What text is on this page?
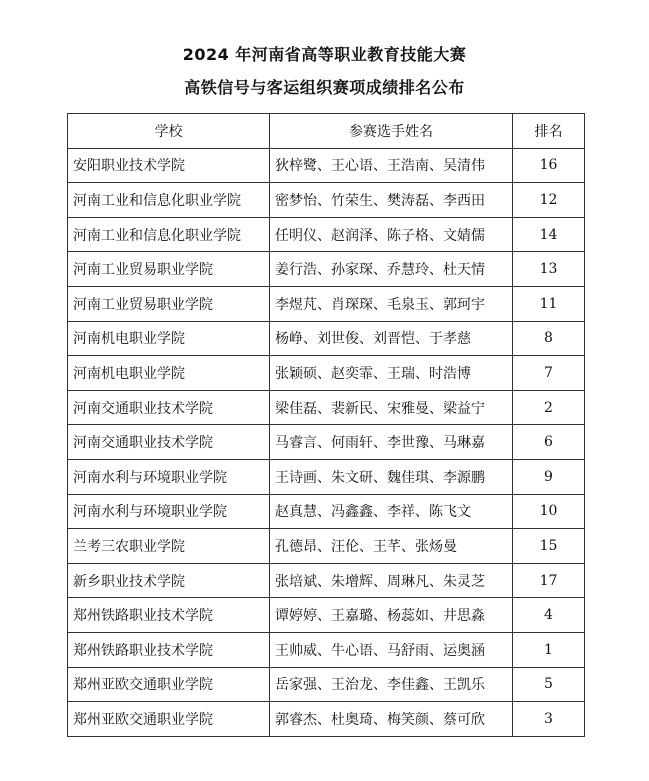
2024 年河南省高等职业教育技能大赛
高铁信号与客运组织赛项成绩排名公布
学校	参赛选手姓名	排名
安阳职业技术学院	狄梓鹭、王心语、王浩南、吴清伟	16
河南工业和信息化职业学院	密梦怡、竹荣生、樊涛磊、李西田	12
河南工业和信息化职业学院	任明仪、赵润泽、陈子格、文婧儒	14
河南工业贸易职业学院	姜行浩、孙家琛、乔慧玲、杜天情	13
河南工业贸易职业学院	李煜芃、肖琛琛、毛泉玉、郭珂宇	11
河南机电职业学院	杨峥、刘世俊、刘晋恺、于孝慈	8
河南机电职业学院	张颖硕、赵奕霏、王瑞、时浩博	7
河南交通职业技术学院	梁佳磊、裴新民、宋雅曼、梁益宁	2
河南交通职业技术学院	马睿言、何雨轩、李世豫、马琳嘉	6
河南水利与环境职业学院	王诗画、朱文研、魏佳琪、李源鹏	9
河南水利与环境职业学院	赵真慧、冯鑫鑫、李祥、陈飞文	10
兰考三农职业学院	孔德昂、汪伦、王芊、张炀曼	15
新乡职业技术学院	张培斌、朱增辉、周琳凡、朱灵芝	17
郑州铁路职业技术学院	谭婷婷、王嘉璐、杨蕊如、井思淼	4
郑州铁路职业技术学院	王帅威、牛心语、马舒雨、运奥涵	1
郑州亚欧交通职业学院	岳家强、王治龙、李佳鑫、王凯乐	5
郑州亚欧交通职业学院	郭睿杰、杜奥琦、梅笑颜、蔡可欣	3
